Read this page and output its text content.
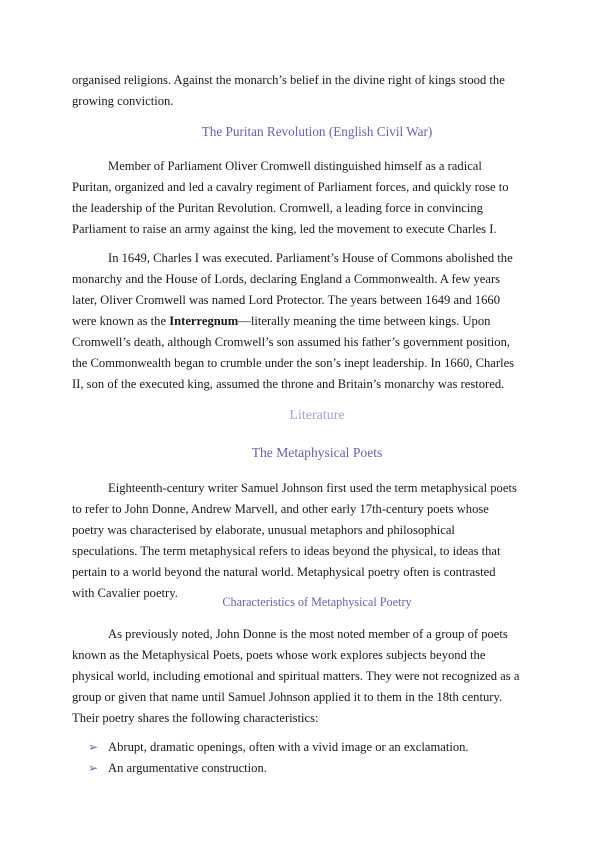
organised religions. Against the monarch’s belief in the divine right of kings stood the

growing conviction.

The Puritan Revolution (English Civil War)

Member of Parliament Oliver Cromwell distinguished himself as a radical Puritan, organized and led a cavalry regiment of Parliament forces, and quickly rose to the leadership of the Puritan Revolution. Cromwell, a leading force in convincing Parliament to raise an army against the king, led the movement to execute Charles I.

In 1649, Charles I was executed. Parliament’s House of Commons abolished the monarchy and the House of Lords, declaring England a Commonwealth. A few years later, Oliver Cromwell was named Lord Protector. The years between 1649 and 1660 were known as the Interregnum—literally meaning the time between kings. Upon Cromwell’s death, although Cromwell’s son assumed his father’s government position, the Commonwealth began to crumble under the son’s inept leadership. In 1660, Charles II, son of the executed king, assumed the throne and Britain’s monarchy was restored.

Literature
The Metaphysical Poets

Eighteenth-century writer Samuel Johnson first used the term metaphysical poets to refer to John Donne, Andrew Marvell, and other early 17th-century poets whose poetry was characterised by elaborate, unusual metaphors and philosophical speculations. The term metaphysical refers to ideas beyond the physical, to ideas that pertain to a world beyond the natural world. Metaphysical poetry often is contrasted with Cavalier poetry.

Characteristics of Metaphysical Poetry

As previously noted, John Donne is the most noted member of a group of poets known as the Metaphysical Poets, poets whose work explores subjects beyond the physical world, including emotional and spiritual matters. They were not recognized as a group or given that name until Samuel Johnson applied it to them in the 18th century. Their poetry shares the following characteristics:

➢ Abrupt, dramatic openings, often with a vivid image or an exclamation.
➢ An argumentative construction.
